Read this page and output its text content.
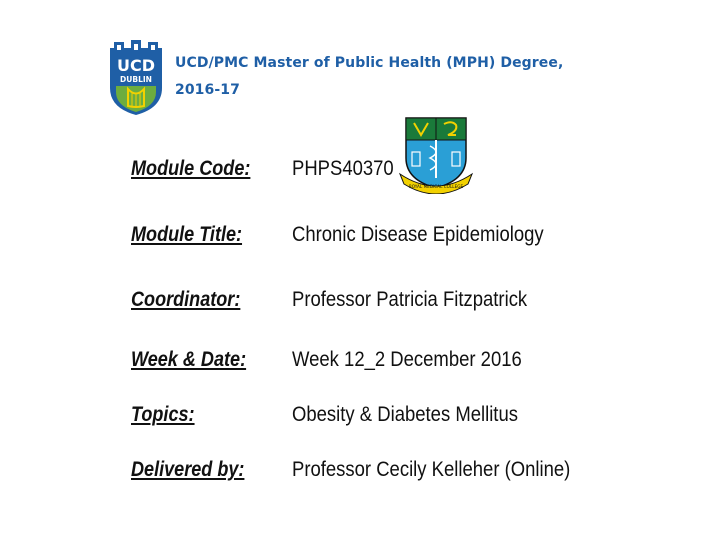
UCD
DUBLIN
UCD/PMC Master of Public Health (MPH) Degree, 2016-17
ROYAL MEDICAL COLLEGE
Module Code: PHPS40370
Module Title: Chronic Disease Epidemiology
Coordinator: Professor Patricia Fitzpatrick
Week & Date: Week 12_2 December 2016
Topics:	Obesity & Diabetes Mellitus
Delivered by: Professor Cecily Kelleher (Online)
